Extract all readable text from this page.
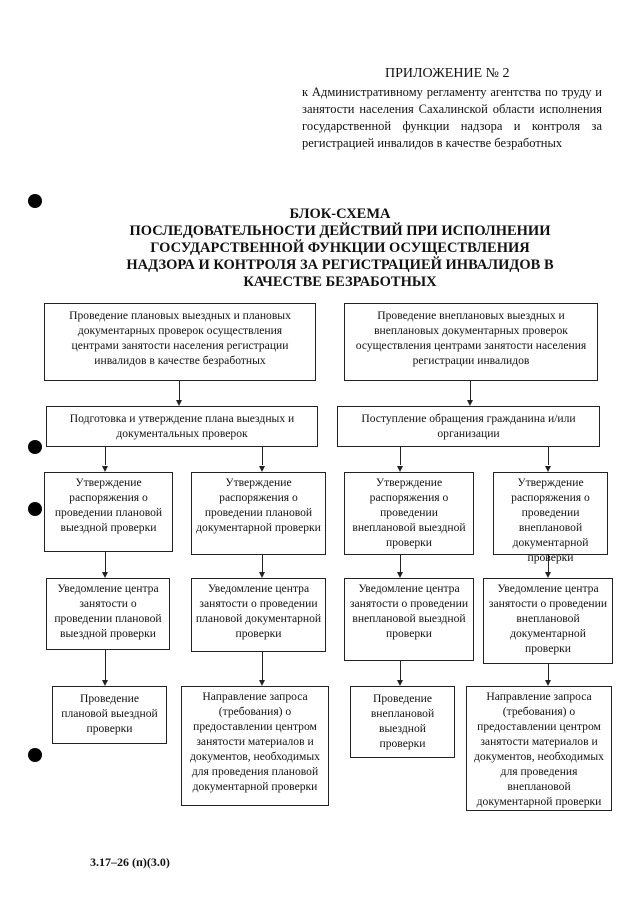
ПРИЛОЖЕНИЕ № 2
к Административному регламенту агентства по труду и занятости населения Сахалинской области исполнения государственной функции надзора и контроля за регистрацией инвалидов в качестве безработных
БЛОК-СХЕМА
ПОСЛЕДОВАТЕЛЬНОСТИ ДЕЙСТВИЙ ПРИ ИСПОЛНЕНИИ ГОСУДАРСТВЕННОЙ ФУНКЦИИ ОСУЩЕСТВЛЕНИЯ НАДЗОРА И КОНТРОЛЯ ЗА РЕГИСТРАЦИЕЙ ИНВАЛИДОВ В КАЧЕСТВЕ БЕЗРАБОТНЫХ
Проведение плановых выездных и плановых документарных проверок осуществления центрами занятости населения регистрации инвалидов в качестве безработных
Проведение внеплановых выездных и внеплановых документарных проверок осуществления центрами занятости населения регистрации инвалидов
Подготовка и утверждение плана выездных и документальных проверок
Поступление обращения гражданина и/или организации
Утверждение распоряжения о проведении плановой выездной проверки
Утверждение распоряжения о проведении плановой документарной проверки
Утверждение распоряжения о проведении внеплановой выездной проверки
Утверждение распоряжения о проведении внеплановой документарной проверки
Уведомление центра занятости о проведении плановой выездной проверки
Уведомление центра занятости о проведении плановой документарной проверки
Уведомление центра занятости о проведении внеплановой выездной проверки
Уведомление центра занятости о проведении внеплановой документарной проверки
Проведение плановой выездной проверки
Направление запроса (требования) о предоставлении центром занятости материалов и документов, необходимых для проведения плановой документарной проверки
Проведение внеплановой выездной проверки
Направление запроса (требования) о предоставлении центром занятости материалов и документов, необходимых для проведения внеплановой документарной проверки
3.17–26 (п)(3.0)
